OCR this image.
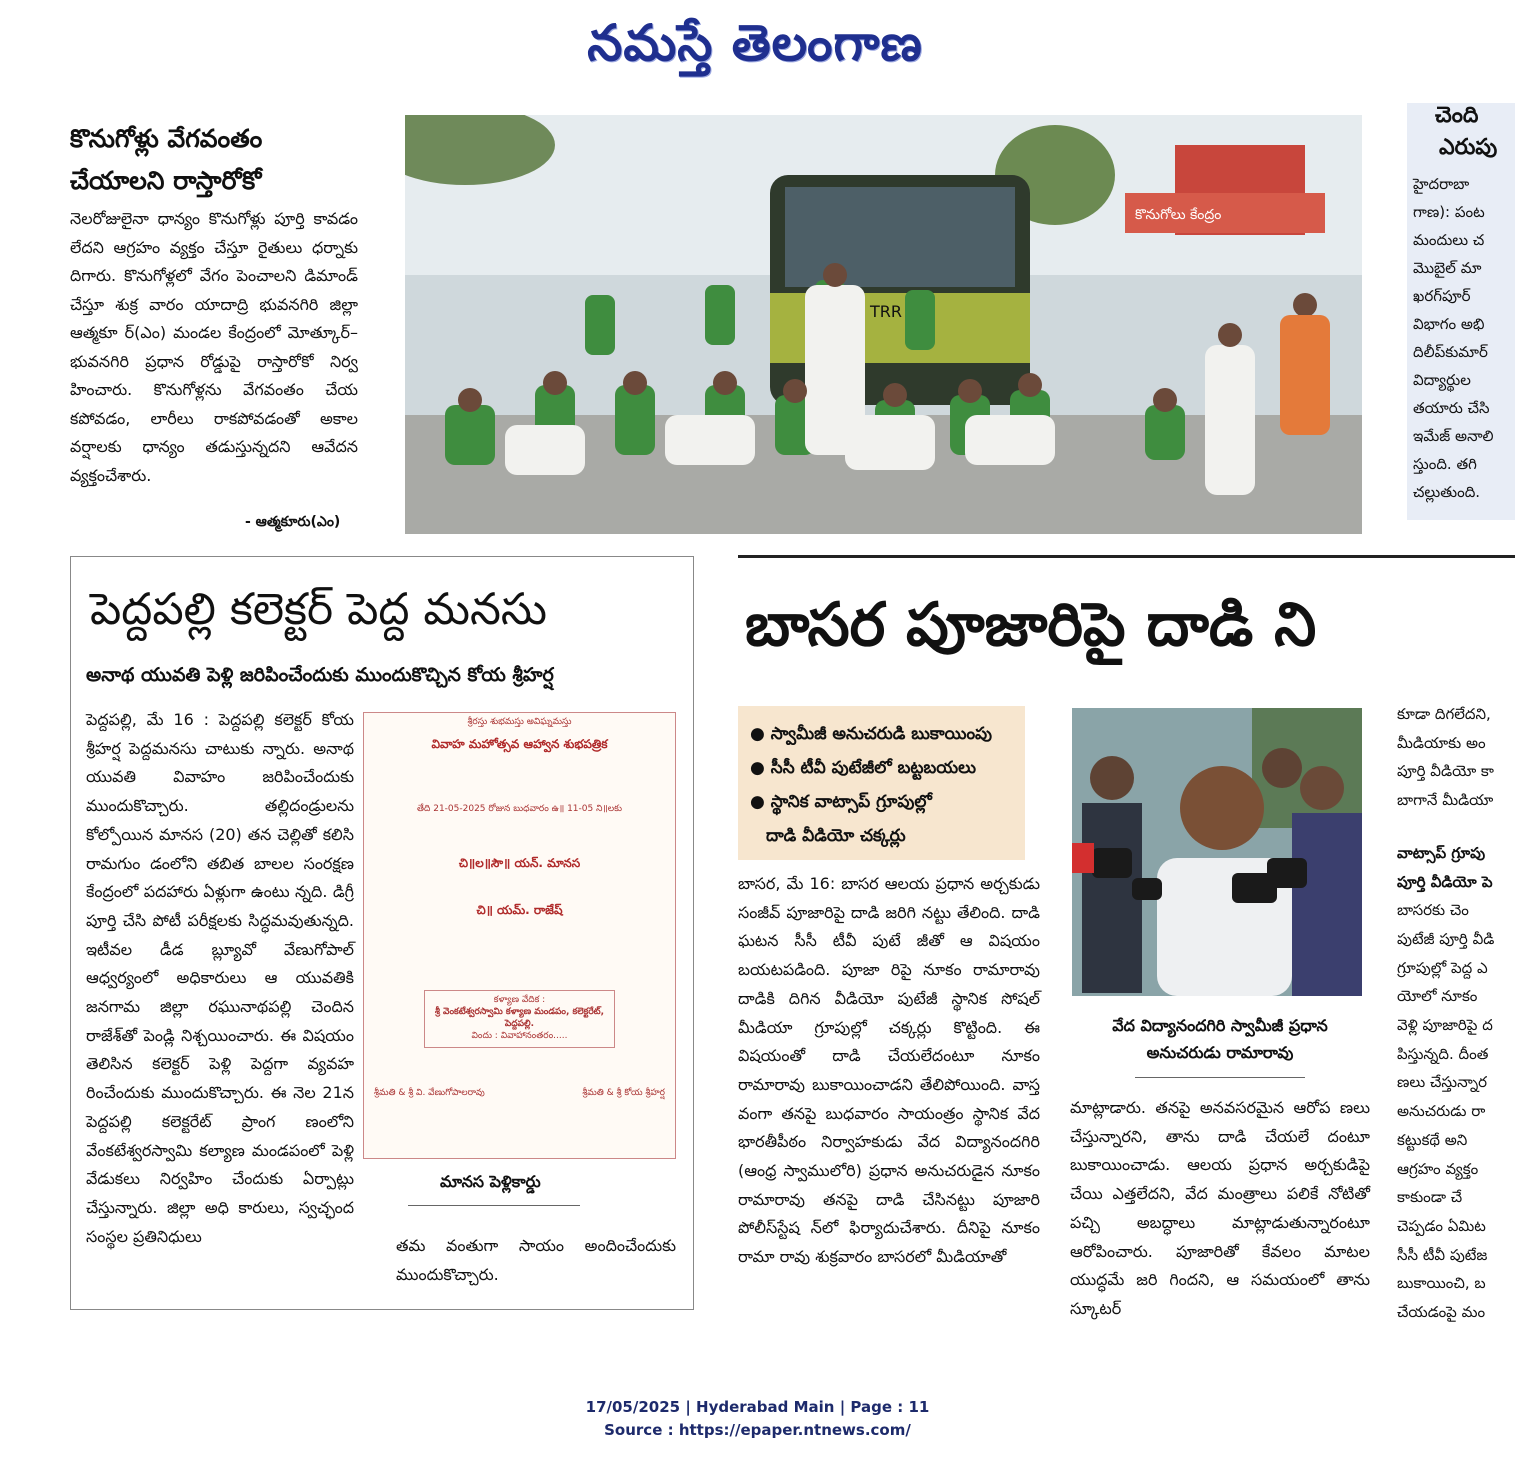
నమస్తే తెలంగాణ
కొనుగోళ్లు వేగవంతం
చేయాలని రాస్తారోకో
నెలరోజులైనా ధాన్యం కొనుగోళ్లు పూర్తి కావడం లేదని ఆగ్రహం వ్యక్తం చేస్తూ రైతులు ధర్నాకు దిగారు. కొనుగోళ్లలో వేగం పెంచాలని డిమాండ్ చేస్తూ శుక్ర వారం యాదాద్రి భువనగిరి జిల్లా ఆత్మకూ ర్(ఎం) మండల కేంద్రంలో మోత్కూర్– భువనగిరి ప్రధాన రోడ్డుపై రాస్తారోకో నిర్వ హించారు. కొనుగోళ్లను వేగవంతం చేయ కపోవడం, లారీలు రాకపోవడంతో అకాల వర్షాలకు ధాన్యం తడుస్తున్నదని ఆవేదన వ్యక్తంచేశారు.
- ఆత్మకూరు(ఎం)
TRR
కొనుగోలు కేంద్రం
చెంది
ఎరుపు
హైదరాబా
గాణ): పంట
మందులు చ
మొబైల్ మా
ఖరగ్‌పూర్
విభాగం అభి
దిలీప్‌కుమార్
విద్యార్థుల
తయారు చేసి
ఇమేజ్ అనాలి
స్తుంది. తగి
చల్లుతుంది.
పెద్దపల్లి కలెక్టర్ పెద్ద మనసు
అనాథ యువతి పెళ్లి జరిపించేందుకు ముందుకొచ్చిన కోయ శ్రీహర్ష
పెద్దపల్లి, మే 16 : పెద్దపల్లి కలెక్టర్ కోయ శ్రీహర్ష పెద్దమనసు చాటుకు న్నారు. అనాథ యువతి వివాహం జరిపించేందుకు ముందుకొచ్చారు. తల్లిదండ్రులను కోల్పోయిన మానస (20) తన చెల్లితో కలిసి రామగుం డంలోని తబిత బాలల సంరక్షణ కేంద్రంలో పదహారు ఏళ్లుగా ఉంటు న్నది. డిగ్రీ పూర్తి చేసి పోటీ పరీక్షలకు సిద్ధమవుతున్నది. ఇటీవల డీడ బ్ల్యూవో వేణుగోపాల్ ఆధ్వర్యంలో అధికారులు ఆ యువతికి జనగామ జిల్లా రఘునాథపల్లి చెందిన రాజేశ్‌తో పెండ్లి నిశ్చయించారు. ఈ విషయం తెలిసిన కలెక్టర్ పెళ్లి పెద్దగా వ్యవహ రించేందుకు ముందుకొచ్చారు. ఈ నెల 21న పెద్దపల్లి కలెక్టరేట్ ప్రాంగ ణంలోని వేంకటేశ్వరస్వామి కల్యాణ మండపంలో పెళ్లి వేడుకలు నిర్వహిం చేందుకు ఏర్పాట్లు చేస్తున్నారు. జిల్లా అధి కారులు, స్వచ్ఛంద సంస్థల ప్రతినిధులు
శ్రీరస్తు శుభమస్తు అవిఘ్నమస్తు
వివాహ మహోత్సవ ఆహ్వాన శుభపత్రిక
తేది 21-05-2025 రోజున బుధవారం ఉ॥ 11-05 ని॥లకు
చి॥ల॥సౌ॥ యన్. మానస
చి॥ యమ్. రాజేష్
కళ్యాణ వేదిక :
శ్రీ వెంకటేశ్వరస్వామి కళ్యాణ మండపం, కలెక్టరేట్, పెద్దపల్లి.
విందు : వివాహానంతరం.....
శ్రీమతి & శ్రీ వి. వేణుగోపాలరావు	శ్రీమతి & శ్రీ కోయ శ్రీహర్ష
మానస పెళ్లికార్డు
తమ వంతుగా సాయం అందించేందుకు ముందుకొచ్చారు.
బాసర పూజారిపై దాడి ని
● స్వామీజీ అనుచరుడి బుకాయింపు
● సీసీ టీవీ పుటేజీలో బట్టబయలు
● స్థానిక వాట్సాప్ గ్రూపుల్లో
దాడి వీడియో చక్కర్లు
బాసర, మే 16: బాసర ఆలయ ప్రధాన అర్చకుడు సంజీవ్ పూజారిపై దాడి జరిగి నట్టు తేలింది. దాడి ఘటన సీసీ టీవీ పుటే జీతో ఆ విషయం బయటపడింది. పూజా రిపై నూకం రామారావు దాడికి దిగిన వీడియో పుటేజీ స్థానిక సోషల్ మీడియా గ్రూపుల్లో చక్కర్లు కొట్టింది. ఈ విషయంతో దాడి చేయలేదంటూ నూకం రామారావు బుకాయించాడని తేలిపోయింది. వాస్త వంగా తనపై బుధవారం సాయంత్రం స్థానిక వేద భారతీపీఠం నిర్వాహకుడు వేద విద్యానందగిరి (ఆంధ్ర స్వాములోరి) ప్రధాన అనుచరుడైన నూకం రామారావు తనపై దాడి చేసినట్టు పూజారి పోలీస్‌స్టేష న్‌లో ఫిర్యాదుచేశారు. దీనిపై నూకం రామా రావు శుక్రవారం బాసరలో మీడియాతో
వేద విద్యానందగిరి స్వామీజీ ప్రధాన అనుచరుడు రామారావు
మాట్లాడారు. తనపై అనవసరమైన ఆరోప ణలు చేస్తున్నారని, తాను దాడి చేయలే దంటూ బుకాయించాడు. ఆలయ ప్రధాన అర్చకుడిపై చేయి ఎత్తలేదని, వేద మంత్రాలు పలికే నోటితో పచ్చి అబద్ధాలు మాట్లాడుతున్నారంటూ ఆరోపించారు. పూజారితో కేవలం మాటల యుద్ధమే జరి గిందని, ఆ సమయంలో తాను స్కూటర్
కూడా దిగలేదని,
మీడియాకు అం
పూర్తి వీడియో కా
బాగానే మీడియా
వాట్సాప్ గ్రూపు
పూర్తి వీడియో పె
బాసరకు చెం
పుటేజీ పూర్తి వీడి
గ్రూపుల్లో పెద్ద ఎ
యోలో నూకం
వెళ్లి పూజారిపై ద
పిస్తున్నది. దీంత
ణలు చేస్తున్నార
అనుచరుడు రా
కట్టుకథే అని
ఆగ్రహం వ్యక్తం
కాకుండా చే
చెప్పడం ఏమిట
సీసీ టీవీ పుటేజ
బుకాయించి, బ
చేయడంపై మం
17/05/2025 | Hyderabad Main | Page : 11
Source : https://epaper.ntnews.com/
